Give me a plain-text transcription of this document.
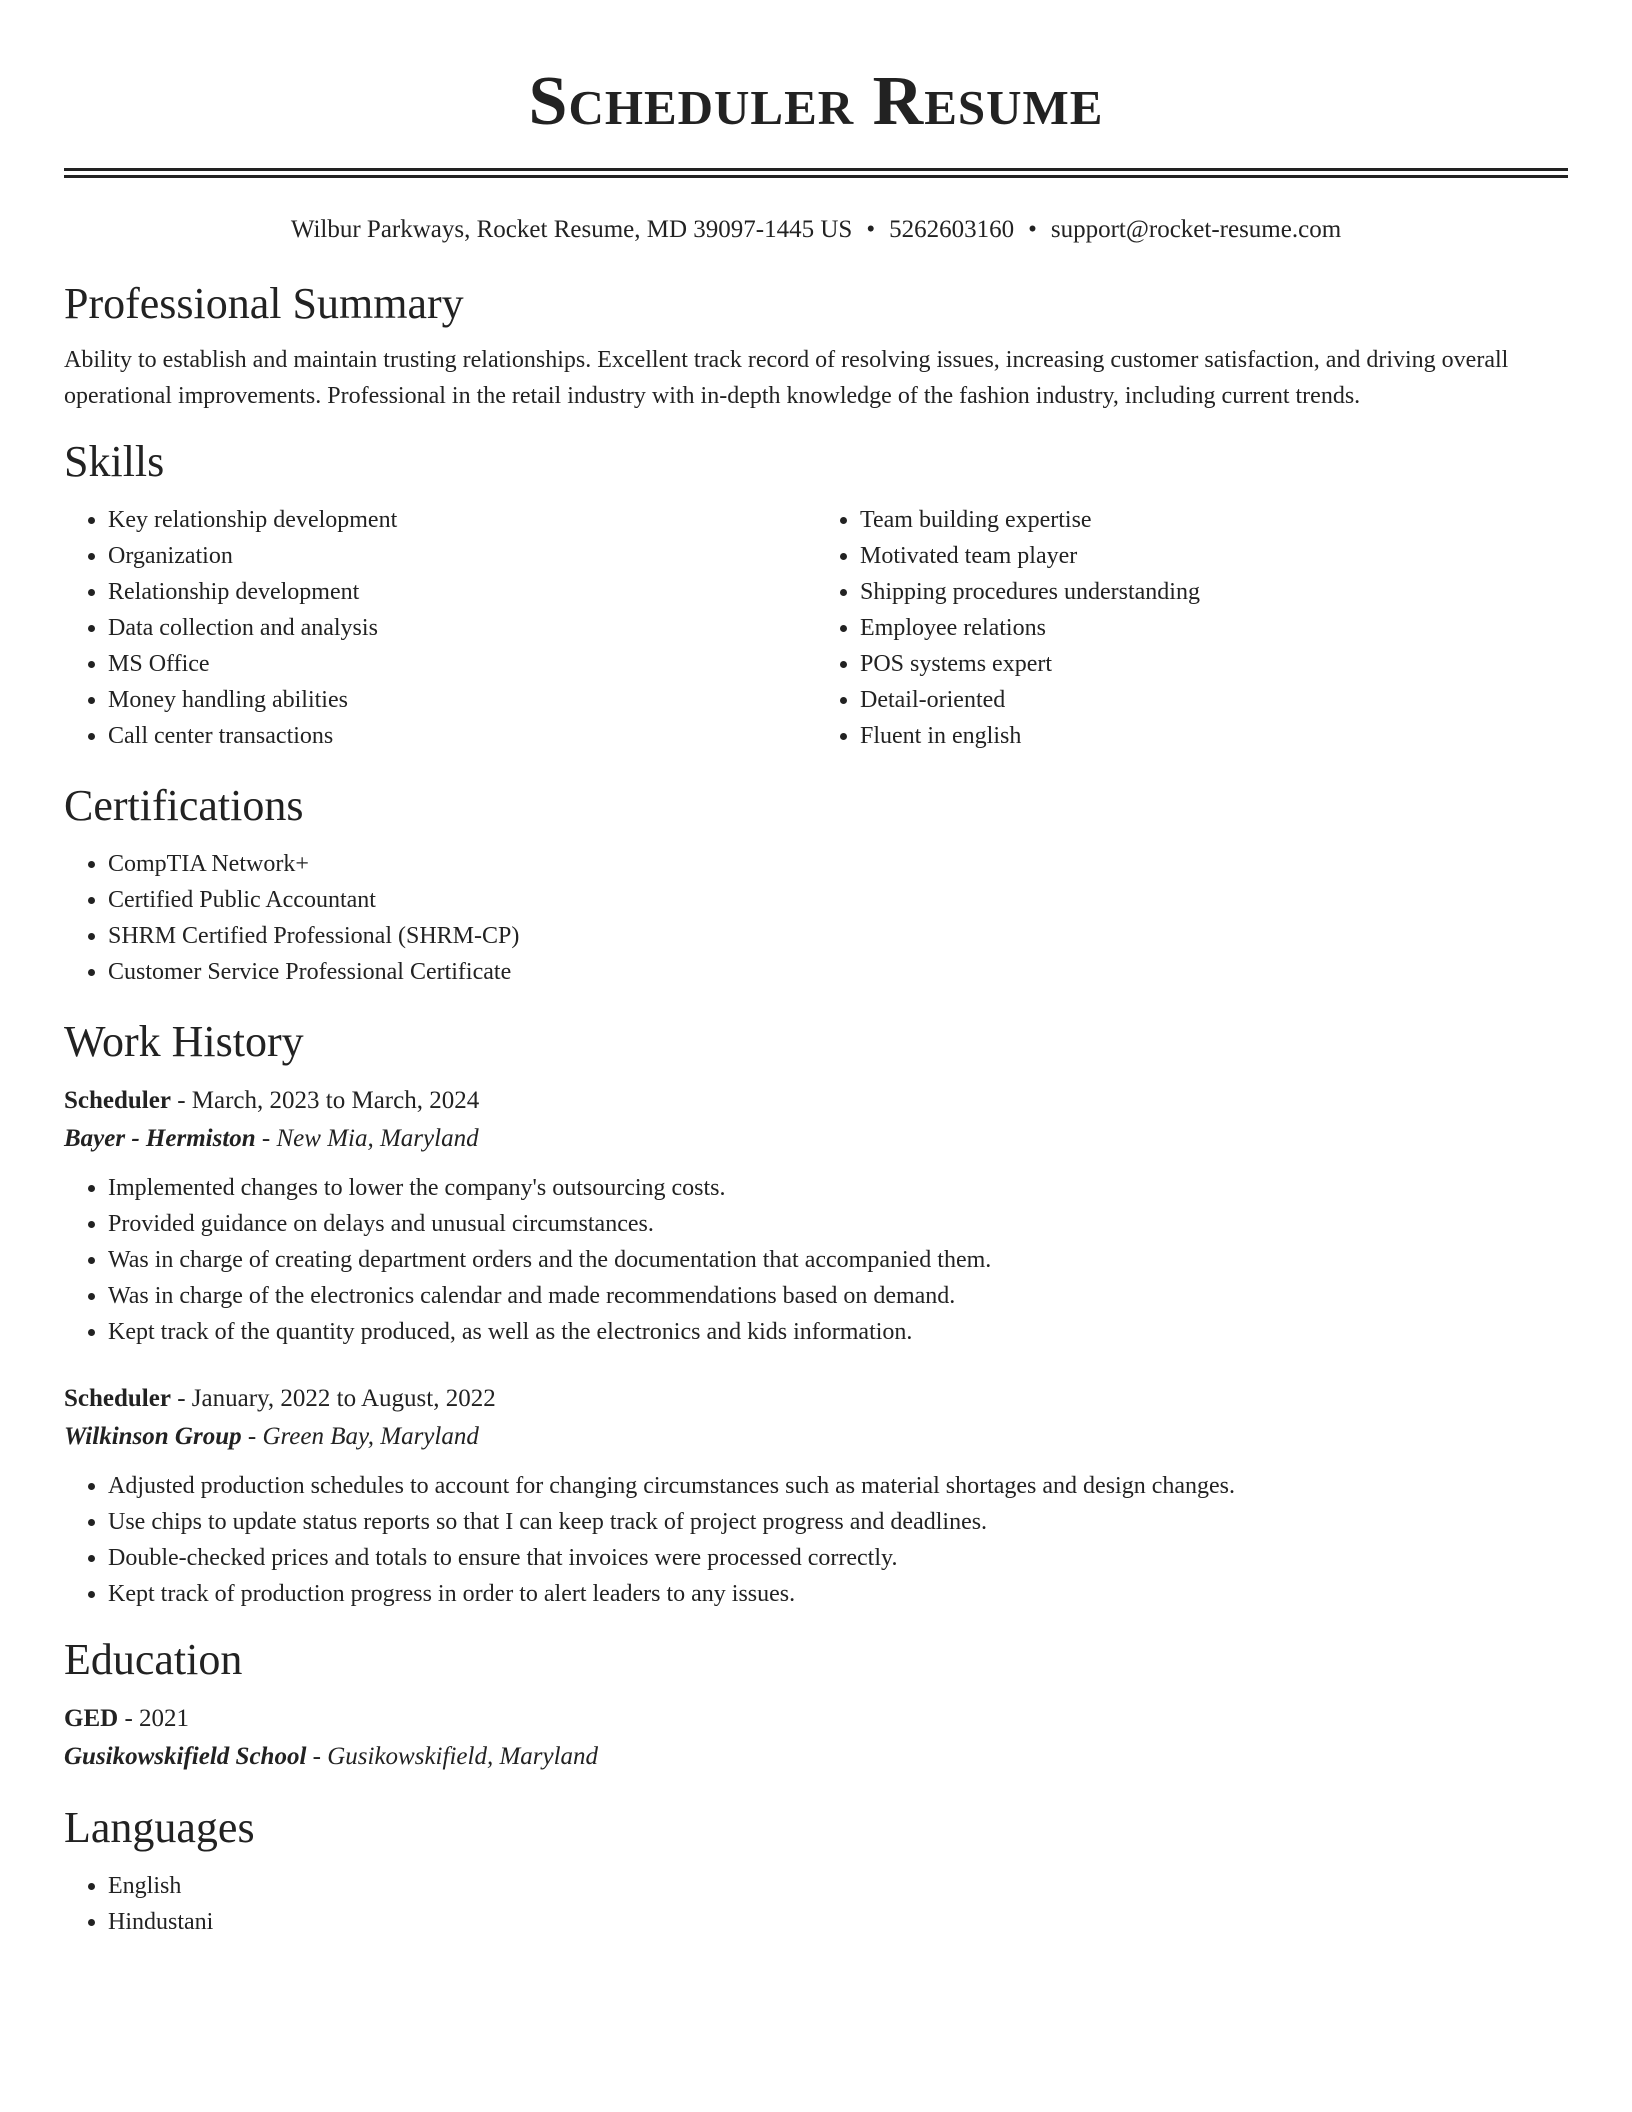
Scheduler Resume
Wilbur Parkways, Rocket Resume, MD 39097-1445 US • 5262603160 • support@rocket-resume.com
Professional Summary
Ability to establish and maintain trusting relationships. Excellent track record of resolving issues, increasing customer satisfaction, and driving overall operational improvements. Professional in the retail industry with in-depth knowledge of the fashion industry, including current trends.
Skills
• Key relationship development
• Organization
• Relationship development
• Data collection and analysis
• MS Office
• Money handling abilities
• Call center transactions
• Team building expertise
• Motivated team player
• Shipping procedures understanding
• Employee relations
• POS systems expert
• Detail-oriented
• Fluent in english
Certifications
• CompTIA Network+
• Certified Public Accountant
• SHRM Certified Professional (SHRM-CP)
• Customer Service Professional Certificate
Work History
Scheduler - March, 2023 to March, 2024
Bayer - Hermiston - New Mia, Maryland
• Implemented changes to lower the company's outsourcing costs.
• Provided guidance on delays and unusual circumstances.
• Was in charge of creating department orders and the documentation that accompanied them.
• Was in charge of the electronics calendar and made recommendations based on demand.
• Kept track of the quantity produced, as well as the electronics and kids information.
Scheduler - January, 2022 to August, 2022
Wilkinson Group - Green Bay, Maryland
• Adjusted production schedules to account for changing circumstances such as material shortages and design changes.
• Use chips to update status reports so that I can keep track of project progress and deadlines.
• Double-checked prices and totals to ensure that invoices were processed correctly.
• Kept track of production progress in order to alert leaders to any issues.
Education
GED - 2021
Gusikowskifield School - Gusikowskifield, Maryland
Languages
• English
• Hindustani
